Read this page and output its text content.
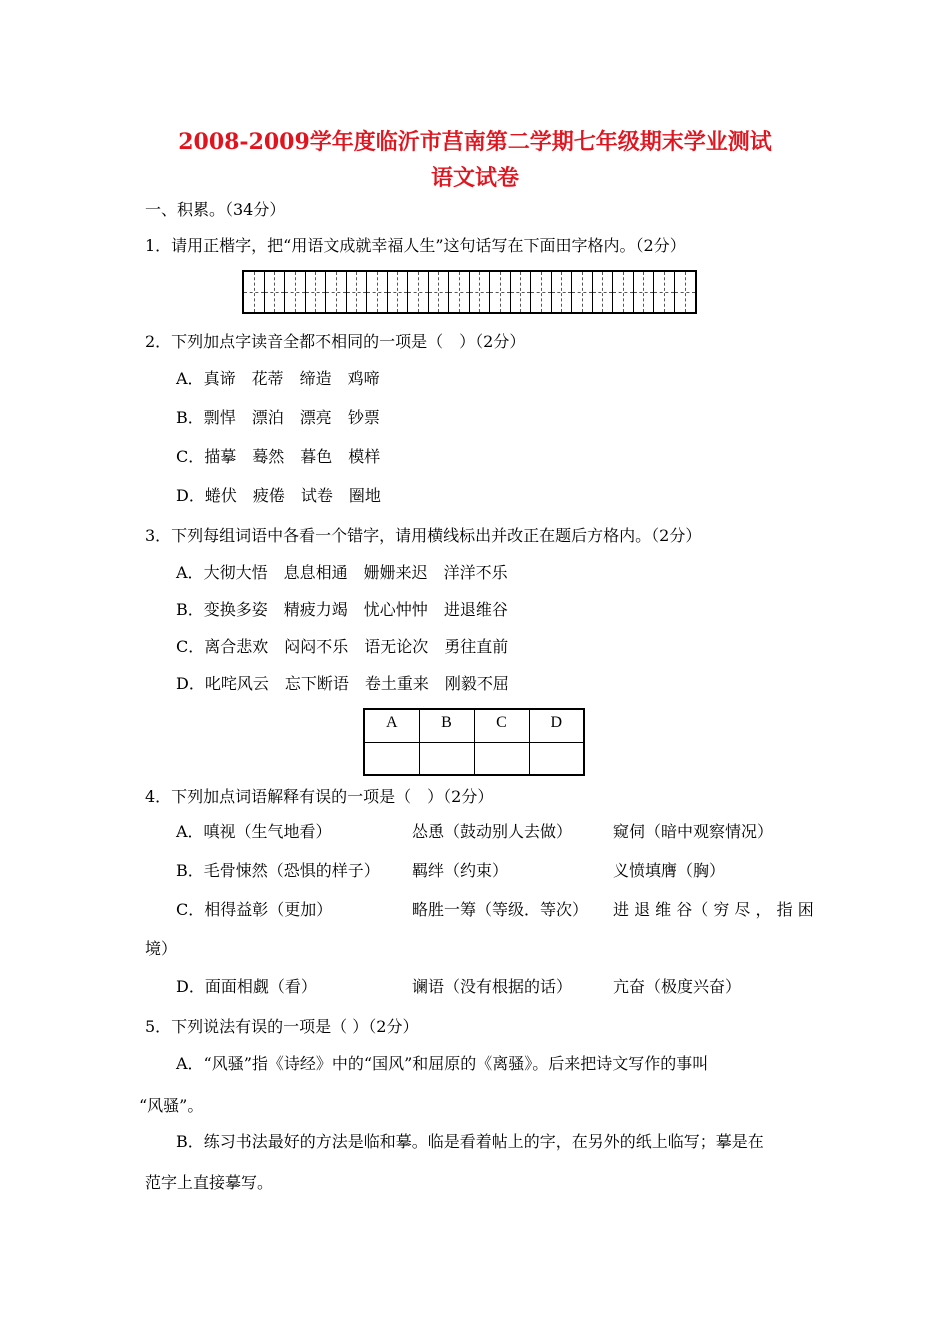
2008-2009学年度临沂市莒南第二学期七年级期末学业测试
语文试卷
一、积累。（34分）
1．请用正楷字，把“用语文成就幸福人生”这句话写在下面田字格内。（2分）
2．下列加点字读音全都不相同的一项是（　）（2分）
A．真谛 花蒂 缔造 鸡啼
B．剽悍 漂泊 漂亮 钞票
C．描摹 蓦然 暮色 模样
D．蜷伏 疲倦 试卷 圈地
3．下列每组词语中各看一个错字，请用横线标出并改正在题后方格内。（2分）
A．大彻大悟 息息相通 姗姗来迟 洋洋不乐
B．变换多姿 精疲力竭 忧心忡忡 进退维谷
C．离合悲欢 闷闷不乐 语无论次 勇往直前
D．叱咤风云 忘下断语 卷土重来 刚毅不屈
A	B	C	D

4．下列加点词语解释有误的一项是（　）（2分）
A．嗔视（生气地看）	怂恿（鼓动别人去做）	窥伺（暗中观察情况）
B．毛骨悚然（恐惧的样子） 羁绊（约束）	义愤填膺（胸）
C．相得益彰（更加）	略胜一筹（等级．等次） 进 退 维 谷（ 穷 尽 ， 指 困
境）
D．面面相觑（看）	谰语（没有根据的话）	亢奋（极度兴奋）
5．下列说法有误的一项是（ ）（2分）
A．“风骚”指《诗经》中的“国风”和屈原的《离骚》。后来把诗文写作的事叫
“风骚”。
B．练习书法最好的方法是临和摹。临是看着帖上的字，在另外的纸上临写；摹是在
范字上直接摹写。
